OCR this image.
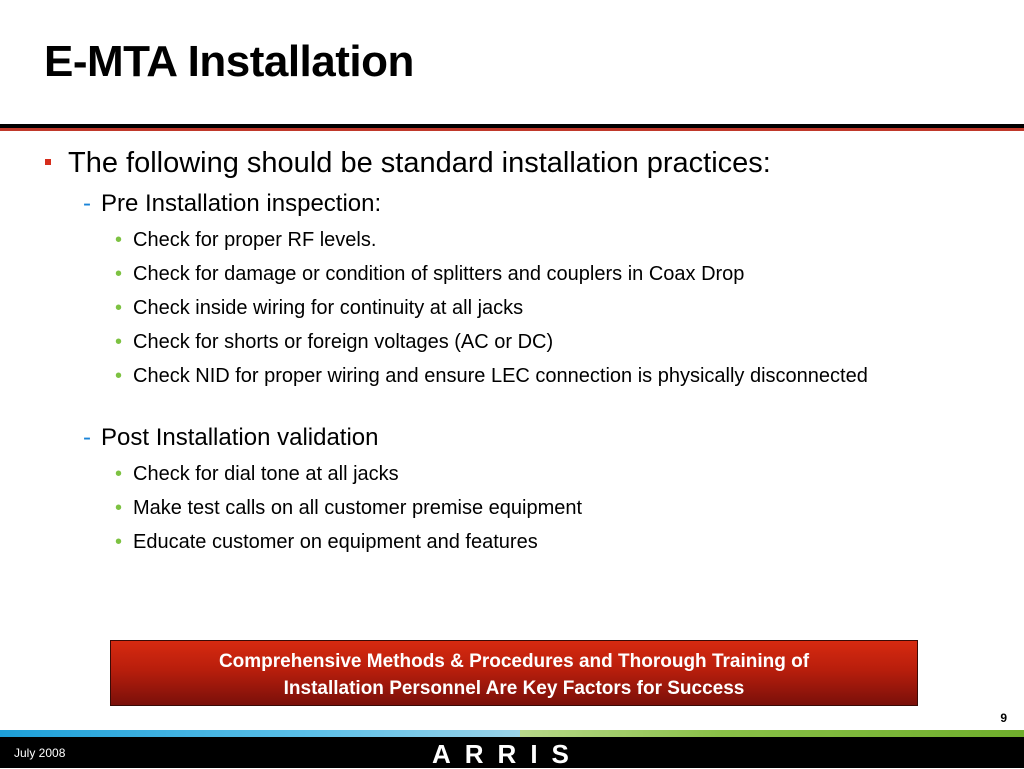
E-MTA Installation
The following should be standard installation practices:
- Pre Installation inspection:
• Check for proper RF levels.
• Check for damage or condition of splitters and couplers in Coax Drop
• Check inside wiring for continuity at all jacks
• Check for shorts or foreign voltages (AC or DC)
• Check NID for proper wiring and ensure LEC connection is physically disconnected
- Post Installation validation
• Check for dial tone at all jacks
• Make test calls on all customer premise equipment
• Educate customer on equipment and features
Comprehensive Methods & Procedures and Thorough Training of
Installation Personnel Are Key Factors for Success
9
July 2008	ARRIS
